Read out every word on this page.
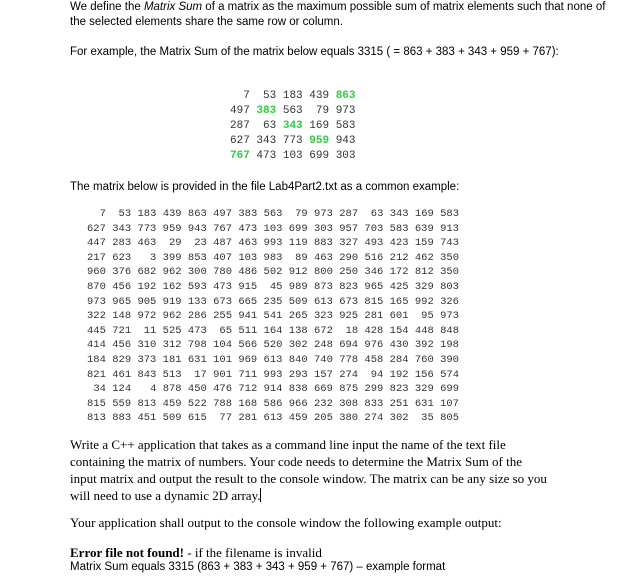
We define the Matrix Sum of a matrix as the maximum possible sum of matrix elements such that none of the selected elements share the same row or column.

For example, the Matrix Sum of the matrix below equals 3315 ( = 863 + 383 + 343 + 959 + 767):

7 53 183 439 863
497 383 563 79 973
287 63 343 169 583
627 343 773 959 943
767 473 103 699 303

The matrix below is provided in the file Lab4Part2.txt as a common example:

7 53 183 439 863 497 383 563 79 973 287 63 343 169 583
627 343 773 959 943 767 473 103 699 303 957 703 583 639 913
447 283 463 29 23 487 463 993 119 883 327 493 423 159 743
217 623 3 399 853 407 103 983 89 463 290 516 212 462 350
960 376 682 962 300 780 486 502 912 800 250 346 172 812 350
870 456 192 162 593 473 915 45 989 873 823 965 425 329 803
973 965 905 919 133 673 665 235 509 613 673 815 165 992 326
322 148 972 962 286 255 941 541 265 323 925 281 601 95 973
445 721 11 525 473 65 511 164 138 672 18 428 154 448 848
414 456 310 312 798 104 566 520 302 248 694 976 430 392 198
184 829 373 181 631 101 969 613 840 740 778 458 284 760 390
821 461 843 513 17 901 711 993 293 157 274 94 192 156 574
34 124 4 878 450 476 712 914 838 669 875 299 823 329 699
815 559 813 459 522 788 168 586 966 232 308 833 251 631 107
813 883 451 509 615 77 281 613 459 205 380 274 302 35 805

Write a C++ application that takes as a command line input the name of the text file containing the matrix of numbers. Your code needs to determine the Matrix Sum of the input matrix and output the result to the console window. The matrix can be any size so you will need to use a dynamic 2D array.

Your application shall output to the console window the following example output:

Error file not found! - if the filename is invalid

Matrix Sum equals 3315 (863 + 383 + 343 + 959 + 767) – example format
